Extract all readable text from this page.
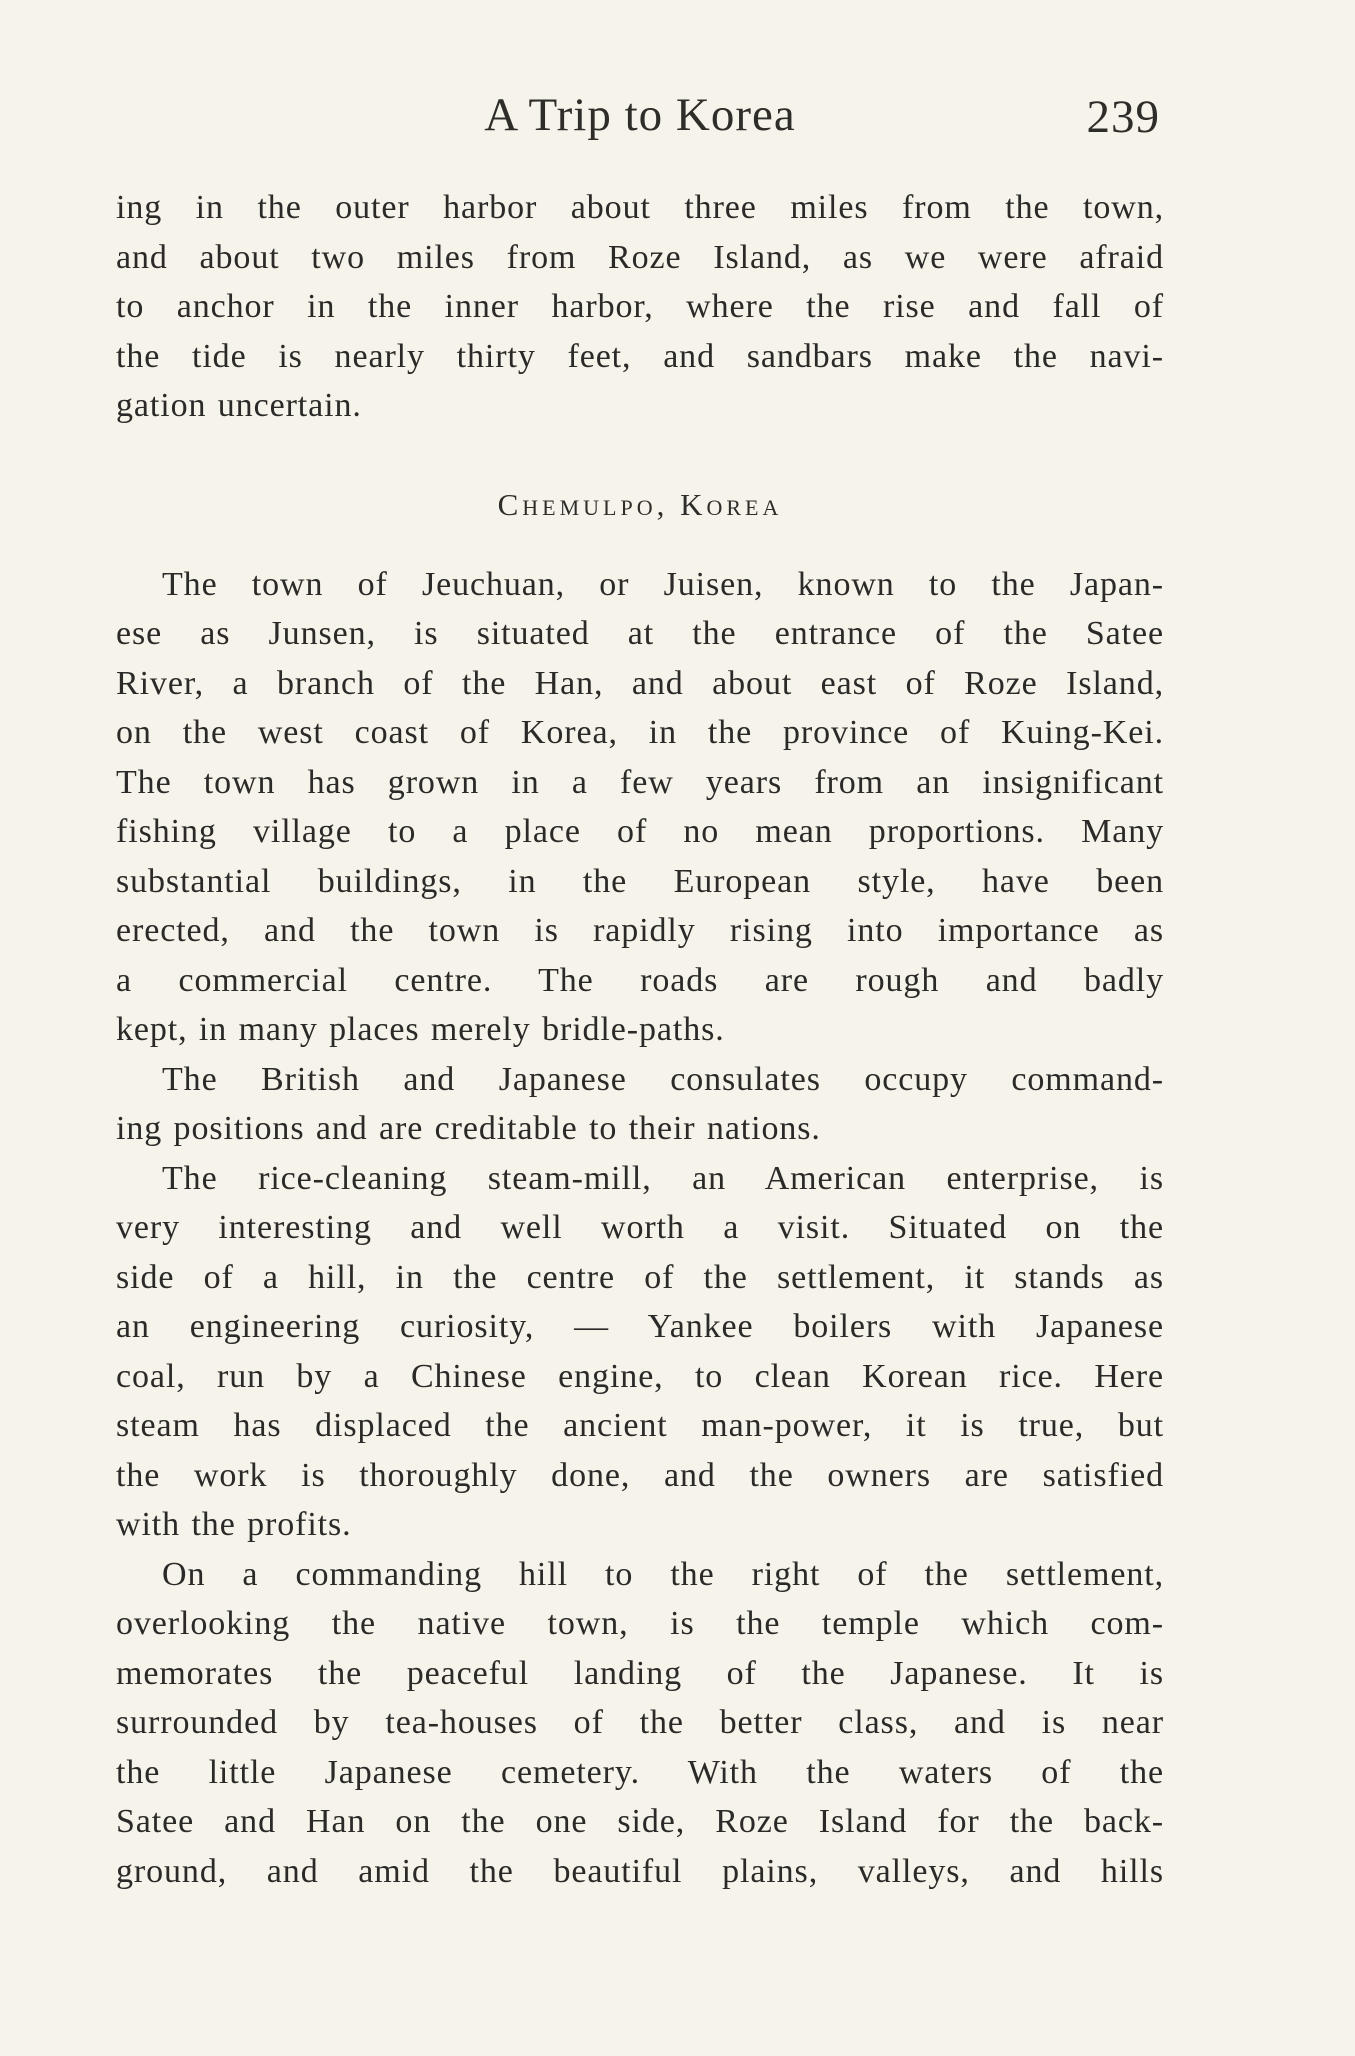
A Trip to Korea	239
ing in the outer harbor about three miles from the town,
and about two miles from Roze Island, as we were afraid
to anchor in the inner harbor, where the rise and fall of
the tide is nearly thirty feet, and sandbars make the navi-
gation uncertain.
Chemulpo, Korea
The town of Jeuchuan, or Juisen, known to the Japan-
ese as Junsen, is situated at the entrance of the Satee
River, a branch of the Han, and about east of Roze Island,
on the west coast of Korea, in the province of Kuing-Kei.
The town has grown in a few years from an insignificant
fishing village to a place of no mean proportions. Many
substantial buildings, in the European style, have been
erected, and the town is rapidly rising into importance as
a commercial centre. The roads are rough and badly
kept, in many places merely bridle-paths.
The British and Japanese consulates occupy command-
ing positions and are creditable to their nations.
The rice-cleaning steam-mill, an American enterprise, is
very interesting and well worth a visit. Situated on the
side of a hill, in the centre of the settlement, it stands as
an engineering curiosity, — Yankee boilers with Japanese
coal, run by a Chinese engine, to clean Korean rice. Here
steam has displaced the ancient man-power, it is true, but
the work is thoroughly done, and the owners are satisfied
with the profits.
On a commanding hill to the right of the settlement,
overlooking the native town, is the temple which com-
memorates the peaceful landing of the Japanese. It is
surrounded by tea-houses of the better class, and is near
the little Japanese cemetery. With the waters of the
Satee and Han on the one side, Roze Island for the back-
ground, and amid the beautiful plains, valleys, and hills
